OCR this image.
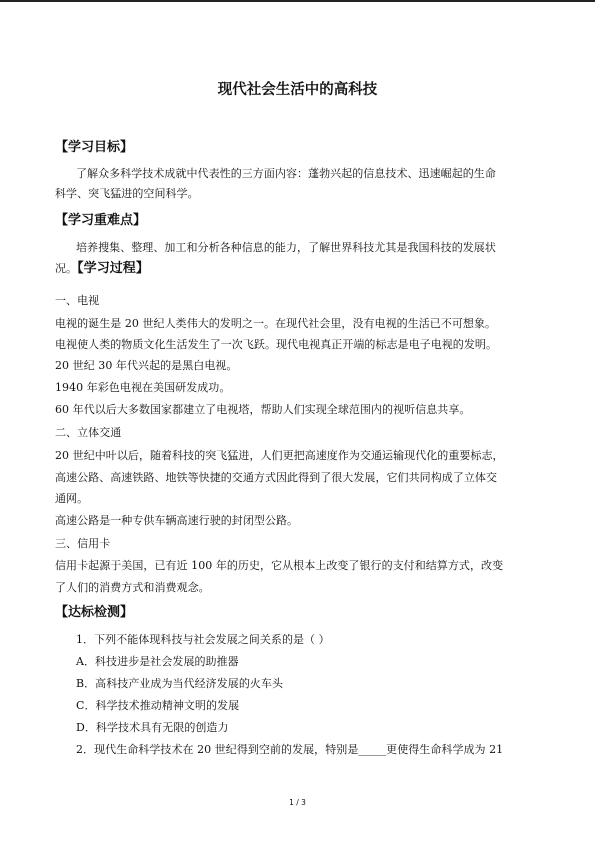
现代社会生活中的高科技
【学习目标】
了解众多科学技术成就中代表性的三方面内容：蓬勃兴起的信息技术、迅速崛起的生命
科学、突飞猛进的空间科学。
【学习重难点】
培养搜集、整理、加工和分析各种信息的能力，了解世界科技尤其是我国科技的发展状
况。【学习过程】
一、电视
电视的诞生是 20 世纪人类伟大的发明之一。在现代社会里，没有电视的生活已不可想象。
电视使人类的物质文化生活发生了一次飞跃。现代电视真正开端的标志是电子电视的发明。
20 世纪 30 年代兴起的是黑白电视。
1940 年彩色电视在美国研发成功。
60 年代以后大多数国家都建立了电视塔，帮助人们实现全球范围内的视听信息共享。
二、立体交通
20 世纪中叶以后，随着科技的突飞猛进，人们更把高速度作为交通运输现代化的重要标志，
高速公路、高速铁路、地铁等快捷的交通方式因此得到了很大发展，它们共同构成了立体交
通网。
高速公路是一种专供车辆高速行驶的封闭型公路。
三、信用卡
信用卡起源于美国，已有近 100 年的历史，它从根本上改变了银行的支付和结算方式，改变
了人们的消费方式和消费观念。
【达标检测】
1．下列不能体现科技与社会发展之间关系的是（ ）
A．科技进步是社会发展的助推器
B．高科技产业成为当代经济发展的火车头
C．科学技术推动精神文明的发展
D．科学技术具有无限的创造力
2．现代生命科学技术在 20 世纪得到空前的发展，特别是_____更使得生命科学成为 21
1 / 3
